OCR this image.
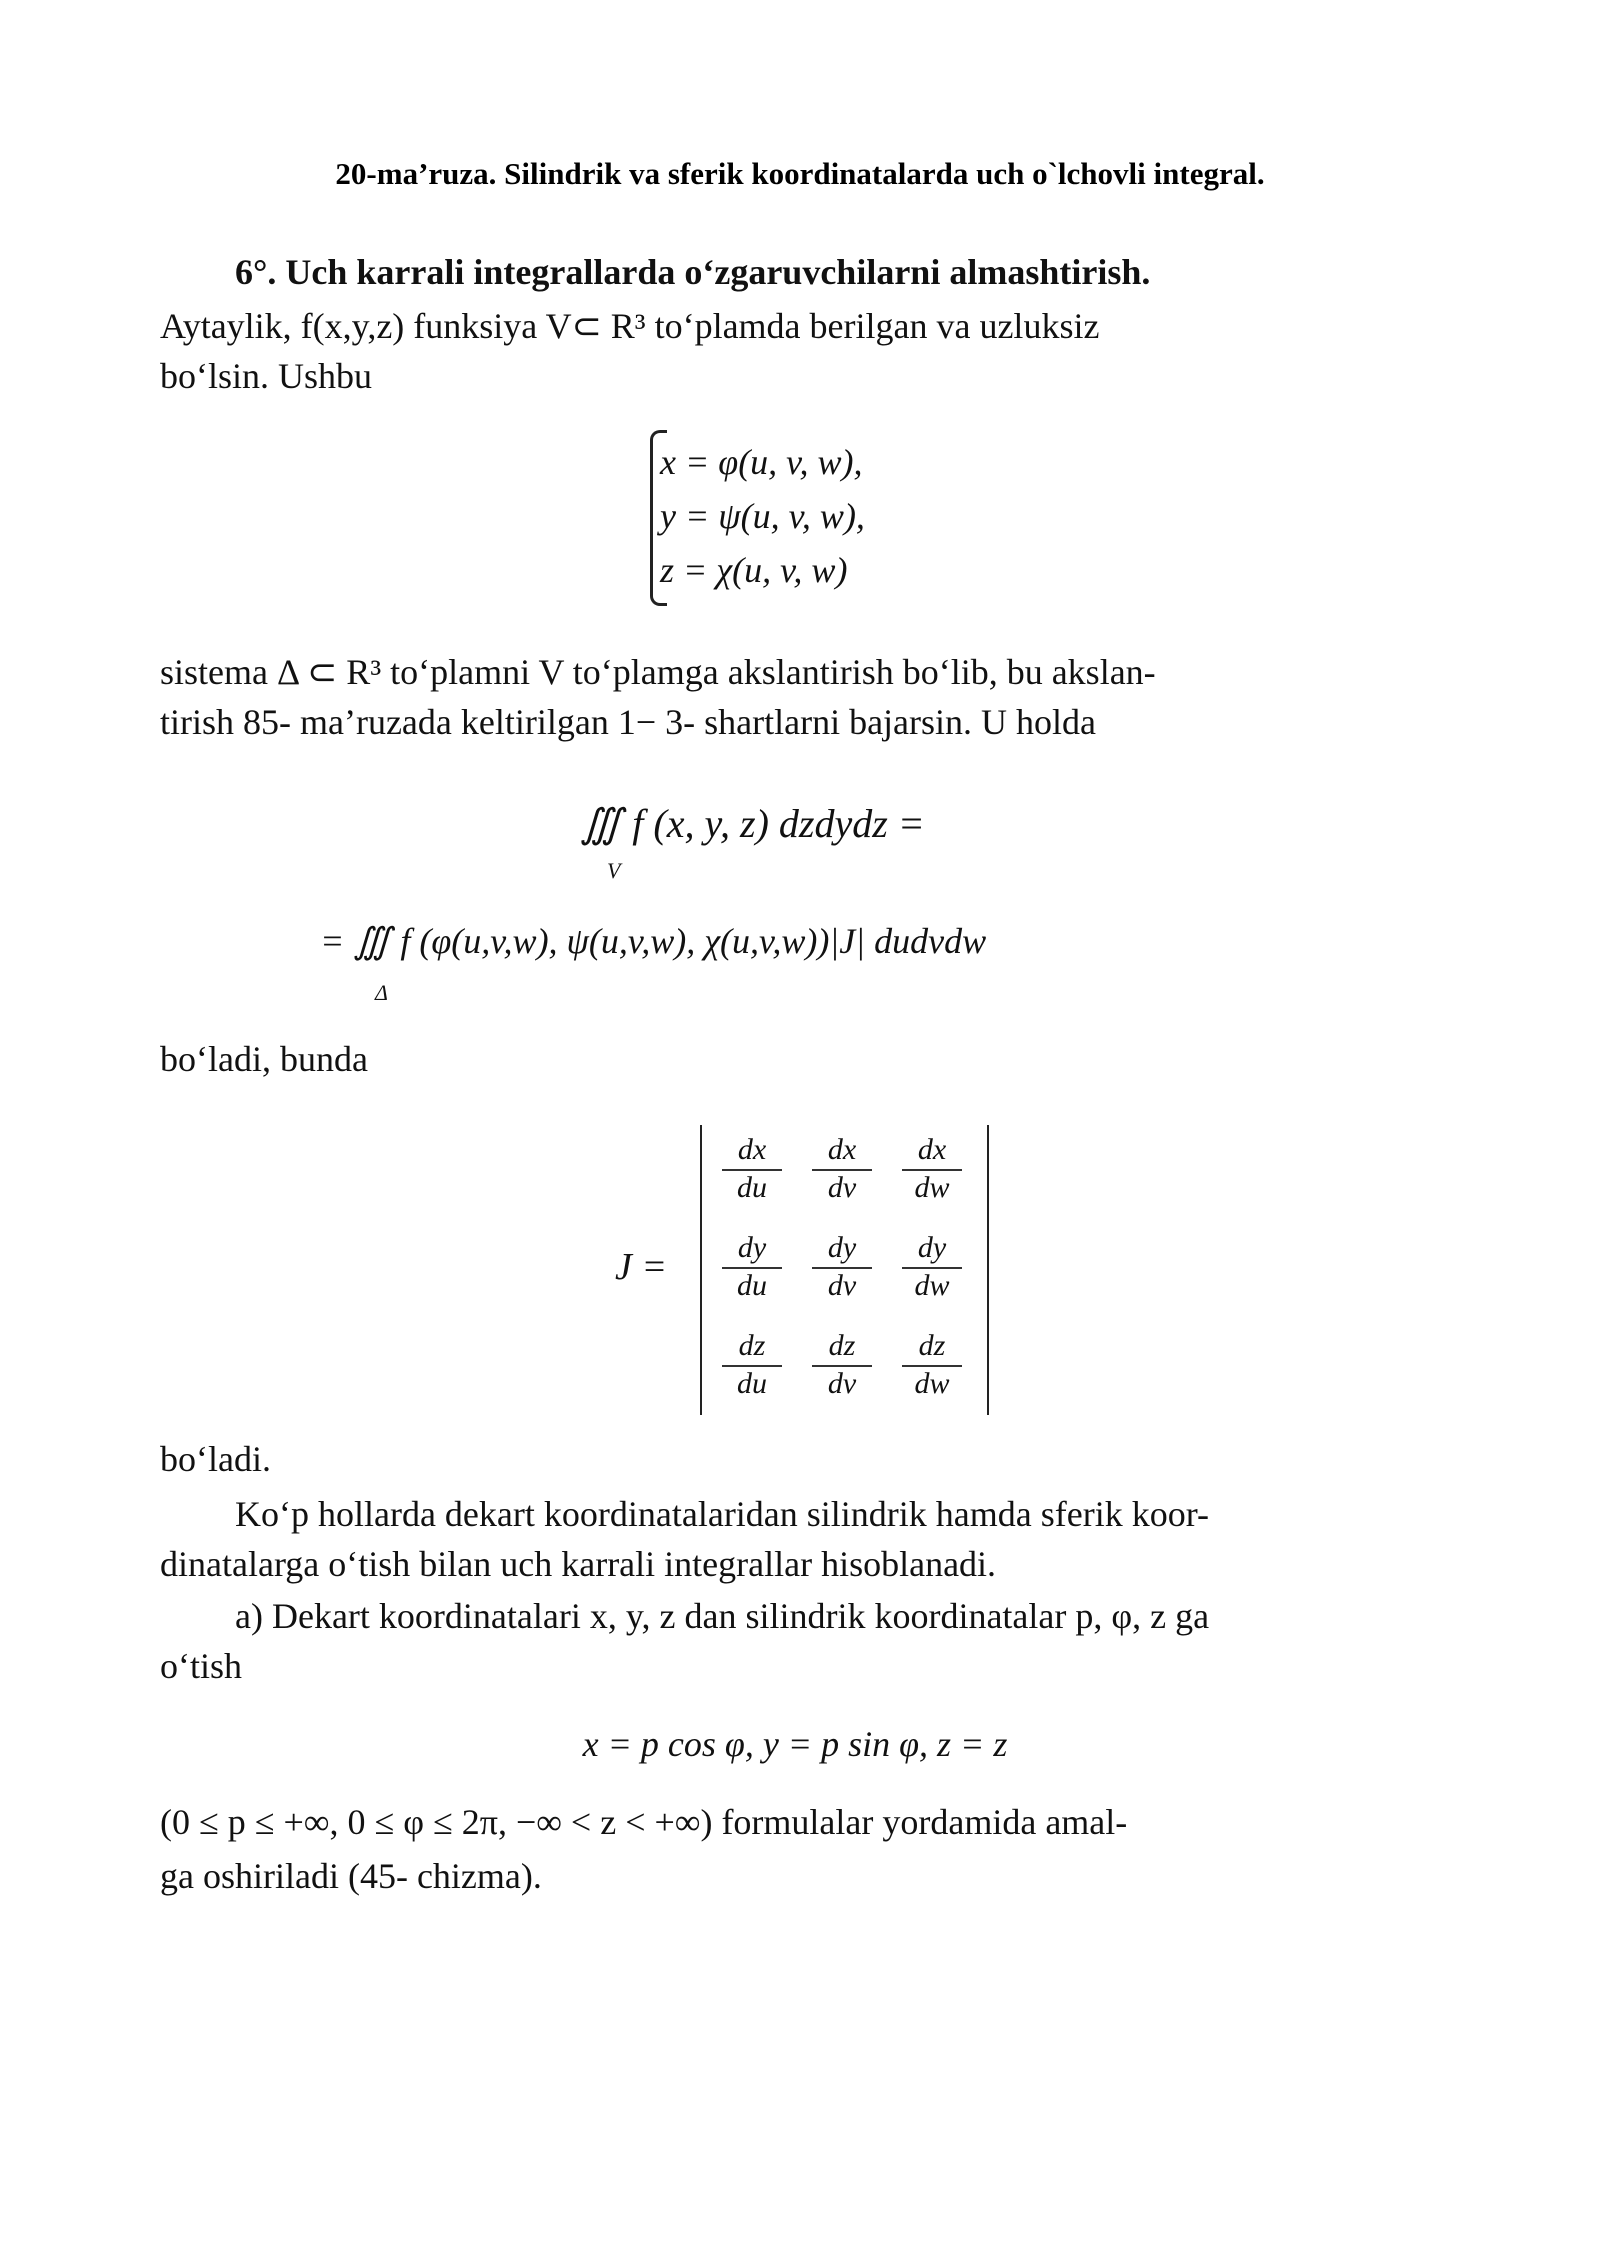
20-ma’ruza. Silindrik va sferik koordinatalarda uch o`lchovli integral.
6°. Uch karrali integrallarda o‘zgaruvchilarni almashtirish.
Aytaylik, f(x,y,z) funksiya V⊂ R³ to‘plamda berilgan va uzluksiz
bo‘lsin. Ushbu
x = φ(u, v, w),
y = ψ(u, v, w),
z = χ(u, v, w)
sistema Δ ⊂ R³ to‘plamni V to‘plamga akslantirish bo‘lib, bu akslan-
tirish 85- ma’ruzada keltirilgan 1− 3- shartlarni bajarsin. U holda
∭ f (x, y, z) dzdydz =
V
= ∭ f (φ(u,v,w), ψ(u,v,w), χ(u,v,w))|J| dudvdw
Δ
bo‘ladi, bunda
J =
$\frac{dx}{du} \frac{dx}{dv} \frac{dx}{dw}$
$\frac{dy}{du} \frac{dy}{dv} \frac{dy}{dw}$
$\frac{dz}{du} \frac{dz}{dv} \frac{dz}{dw}$
bo‘ladi.
Ko‘p hollarda dekart koordinatalaridan silindrik hamda sferik koor-
dinatalarga o‘tish bilan uch karrali integrallar hisoblanadi.
a) Dekart koordinatalari x, y, z dan silindrik koordinatalar p, φ, z ga
o‘tish
x = p cos φ, y = p sin φ, z = z
(0 ≤ p ≤ +∞, 0 ≤ φ ≤ 2π, −∞ < z < +∞) formulalar yordamida amal-
ga oshiriladi (45- chizma).
